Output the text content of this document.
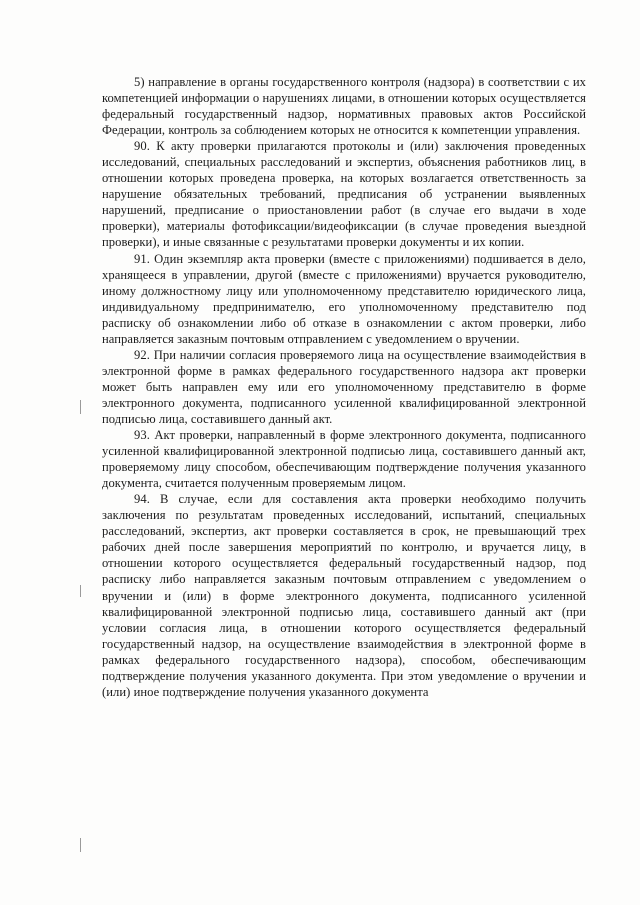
5) направление в органы государственного контроля (надзора) в соответствии с их компетенцией информации о нарушениях лицами, в отношении которых осуществляется федеральный государственный надзор, нормативных правовых актов Российской Федерации, контроль за соблюдением которых не относится к компетенции управления.

90. К акту проверки прилагаются протоколы и (или) заключения проведенных исследований, специальных расследований и экспертиз, объяснения работников лиц, в отношении которых проведена проверка, на которых возлагается ответственность за нарушение обязательных требований, предписания об устранении выявленных нарушений, предписание о приостановлении работ (в случае его выдачи в ходе проверки), материалы фотофиксации/видеофиксации (в случае проведения выездной проверки), и иные связанные с результатами проверки документы и их копии.

91. Один экземпляр акта проверки (вместе с приложениями) подшивается в дело, хранящееся в управлении, другой (вместе с приложениями) вручается руководителю, иному должностному лицу или уполномоченному представителю юридического лица, индивидуальному предпринимателю, его уполномоченному представителю под расписку об ознакомлении либо об отказе в ознакомлении с актом проверки, либо направляется заказным почтовым отправлением с уведомлением о вручении.

92. При наличии согласия проверяемого лица на осуществление взаимодействия в электронной форме в рамках федерального государственного надзора акт проверки может быть направлен ему или его уполномоченному представителю в форме электронного документа, подписанного усиленной квалифицированной электронной подписью лица, составившего данный акт.

93. Акт проверки, направленный в форме электронного документа, подписанного усиленной квалифицированной электронной подписью лица, составившего данный акт, проверяемому лицу способом, обеспечивающим подтверждение получения указанного документа, считается полученным проверяемым лицом.

94. В случае, если для составления акта проверки необходимо получить заключения по результатам проведенных исследований, испытаний, специальных расследований, экспертиз, акт проверки составляется в срок, не превышающий трех рабочих дней после завершения мероприятий по контролю, и вручается лицу, в отношении которого осуществляется федеральный государственный надзор, под расписку либо направляется заказным почтовым отправлением с уведомлением о вручении и (или) в форме электронного документа, подписанного усиленной квалифицированной электронной подписью лица, составившего данный акт (при условии согласия лица, в отношении которого осуществляется федеральный государственный надзор, на осуществление взаимодействия в электронной форме в рамках федерального государственного надзора), способом, обеспечивающим подтверждение получения указанного документа. При этом уведомление о вручении и (или) иное подтверждение получения указанного документа
